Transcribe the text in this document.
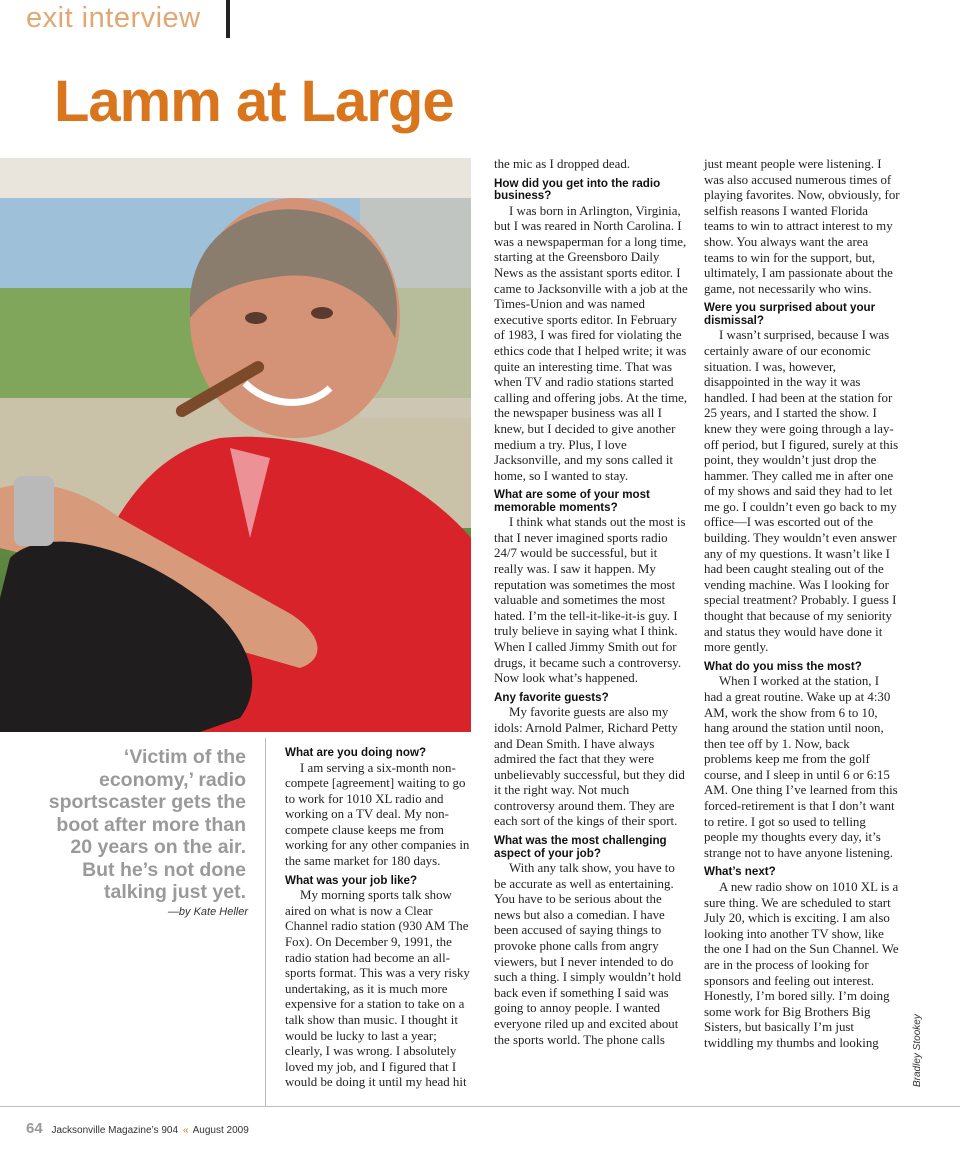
exit interview
Lamm at Large

‘Victim of the economy,’ radio sportscaster gets the boot after more than 20 years on the air. But he’s not done talking just yet.

—by Kate Heller
What are you doing now?

I am serving a six-month non-compete [agreement] waiting to go to work for 1010 XL radio and working on a TV deal. My non-compete clause keeps me from working for any other companies in the same market for 180 days.

What was your job like?

My morning sports talk show aired on what is now a Clear Channel radio station (930 AM The Fox). On December 9, 1991, the radio station had become an all-sports format. This was a very risky undertaking, as it is much more expensive for a station to take on a talk show than music. I thought it would be lucky to last a year; clearly, I was wrong. I absolutely loved my job, and I figured that I would be doing it until my head hit

the mic as I dropped dead.

How did you get into the radio business?

I was born in Arlington, Virginia, but I was reared in North Carolina. I was a newspaperman for a long time, starting at the Greensboro Daily News as the assistant sports editor. I came to Jacksonville with a job at the Times-Union and was named executive sports editor. In February of 1983, I was fired for violating the ethics code that I helped write; it was quite an interesting time. That was when TV and radio stations started calling and offering jobs. At the time, the newspaper business was all I knew, but I decided to give another medium a try. Plus, I love Jacksonville, and my sons called it home, so I wanted to stay.

What are some of your most memorable moments?

I think what stands out the most is that I never imagined sports radio 24/7 would be successful, but it really was. I saw it happen. My reputation was sometimes the most valuable and sometimes the most hated. I’m the tell-it-like-it-is guy. I truly believe in saying what I think. When I called Jimmy Smith out for drugs, it became such a controversy. Now look what’s happened.

Any favorite guests?

My favorite guests are also my idols: Arnold Palmer, Richard Petty and Dean Smith. I have always admired the fact that they were unbelievably successful, but they did it the right way. Not much controversy around them. They are each sort of the kings of their sport.

What was the most challenging aspect of your job?

With any talk show, you have to be accurate as well as entertaining. You have to be serious about the news but also a comedian. I have been accused of saying things to provoke phone calls from angry viewers, but I never intended to do such a thing. I simply wouldn’t hold back even if something I said was going to annoy people. I wanted everyone riled up and excited about the sports world. The phone calls

just meant people were listening. I was also accused numerous times of playing favorites. Now, obviously, for selfish reasons I wanted Florida teams to win to attract interest to my show. You always want the area teams to win for the support, but, ultimately, I am passionate about the game, not necessarily who wins.

Were you surprised about your dismissal?

I wasn’t surprised, because I was certainly aware of our economic situation. I was, however, disappointed in the way it was handled. I had been at the station for 25 years, and I started the show. I knew they were going through a lay-off period, but I figured, surely at this point, they wouldn’t just drop the hammer. They called me in after one of my shows and said they had to let me go. I couldn’t even go back to my office—I was escorted out of the building. They wouldn’t even answer any of my questions. It wasn’t like I had been caught stealing out of the vending machine. Was I looking for special treatment? Probably. I guess I thought that because of my seniority and status they would have done it more gently.

What do you miss the most?

When I worked at the station, I had a great routine. Wake up at 4:30 AM, work the show from 6 to 10, hang around the station until noon, then tee off by 1. Now, back problems keep me from the golf course, and I sleep in until 6 or 6:15 AM. One thing I’ve learned from this forced-retirement is that I don’t want to retire. I got so used to telling people my thoughts every day, it’s strange not to have anyone listening.

What’s next?

A new radio show on 1010 XL is a sure thing. We are scheduled to start July 20, which is exciting. I am also looking into another TV show, like the one I had on the Sun Channel. We are in the process of looking for sponsors and feeling out interest. Honestly, I’m bored silly. I’m doing some work for Big Brothers Big Sisters, but basically I’m just twiddling my thumbs and looking	Bradley Stookey
64 Jacksonville Magazine’s 904 « August 2009
